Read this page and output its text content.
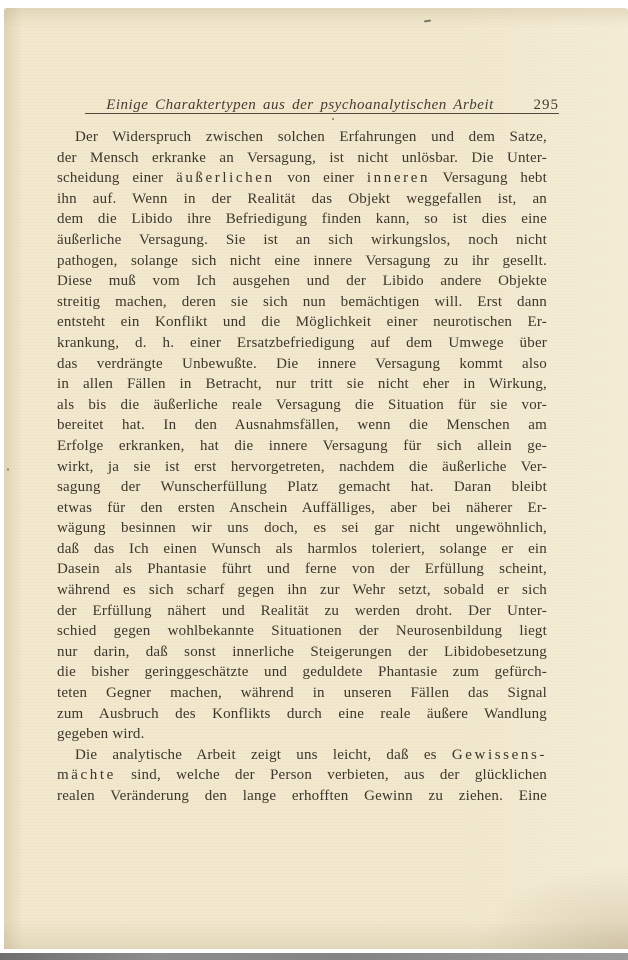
Einige Charaktertypen aus der psychoanalytischen Arbeit	295
Der Widerspruch zwischen solchen Erfahrungen und dem Satze,
der Mensch erkranke an Versagung, ist nicht unlösbar. Die Unter-
scheidung einer äußerlichen von einer inneren Versagung hebt
ihn auf. Wenn in der Realität das Objekt weggefallen ist, an
dem die Libido ihre Befriedigung finden kann, so ist dies eine
äußerliche Versagung. Sie ist an sich wirkungslos, noch nicht
pathogen, solange sich nicht eine innere Versagung zu ihr gesellt.
Diese muß vom Ich ausgehen und der Libido andere Objekte
streitig machen, deren sie sich nun bemächtigen will. Erst dann
entsteht ein Konflikt und die Möglichkeit einer neurotischen Er-
krankung, d. h. einer Ersatzbefriedigung auf dem Umwege über
das verdrängte Unbewußte. Die innere Versagung kommt also
in allen Fällen in Betracht, nur tritt sie nicht eher in Wirkung,
als bis die äußerliche reale Versagung die Situation für sie vor-
bereitet hat. In den Ausnahmsfällen, wenn die Menschen am
Erfolge erkranken, hat die innere Versagung für sich allein ge-
wirkt, ja sie ist erst hervorgetreten, nachdem die äußerliche Ver-
sagung der Wunscherfüllung Platz gemacht hat. Daran bleibt
etwas für den ersten Anschein Auffälliges, aber bei näherer Er-
wägung besinnen wir uns doch, es sei gar nicht ungewöhnlich,
daß das Ich einen Wunsch als harmlos toleriert, solange er ein
Dasein als Phantasie führt und ferne von der Erfüllung scheint,
während es sich scharf gegen ihn zur Wehr setzt, sobald er sich
der Erfüllung nähert und Realität zu werden droht. Der Unter-
schied gegen wohlbekannte Situationen der Neurosenbildung liegt
nur darin, daß sonst innerliche Steigerungen der Libidobesetzung
die bisher geringgeschätzte und geduldete Phantasie zum gefürch-
teten Gegner machen, während in unseren Fällen das Signal
zum Ausbruch des Konflikts durch eine reale äußere Wandlung
gegeben wird.
Die analytische Arbeit zeigt uns leicht, daß es Gewissens-
mächte sind, welche der Person verbieten, aus der glücklichen
realen Veränderung den lange erhofften Gewinn zu ziehen. Eine
